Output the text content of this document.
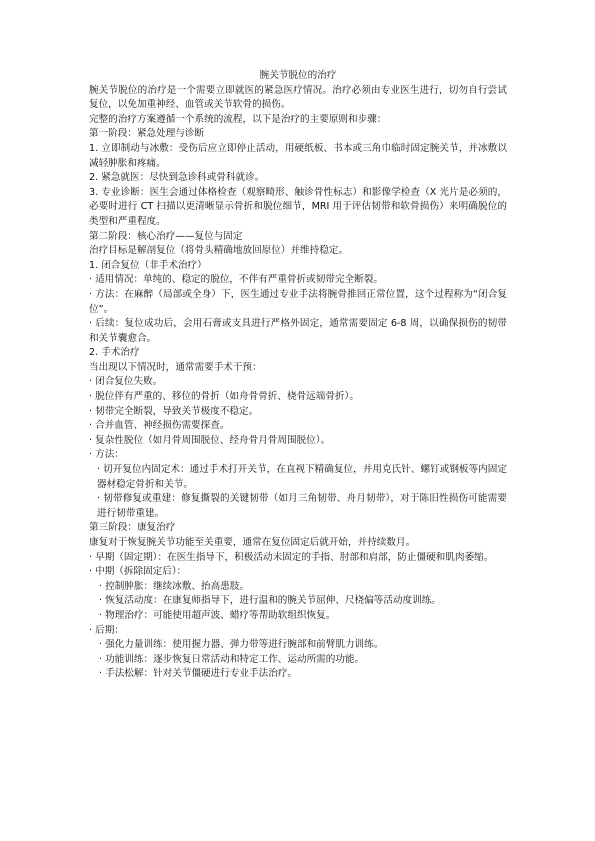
腕关节脱位的治疗

腕关节脱位的治疗是一个需要立即就医的紧急医疗情况。治疗必须由专业医生进行，切勿自行尝试复位，以免加重神经、血管或关节软骨的损伤。

完整的治疗方案遵循一个系统的流程，以下是治疗的主要原则和步骤：

第一阶段：紧急处理与诊断

1. 立即制动与冰敷：受伤后应立即停止活动，用硬纸板、书本或三角巾临时固定腕关节，并冰敷以减轻肿胀和疼痛。

2. 紧急就医：尽快到急诊科或骨科就诊。

3. 专业诊断：医生会通过体格检查（观察畸形、触诊骨性标志）和影像学检查（X 光片是必须的，必要时进行 CT 扫描以更清晰显示骨折和脱位细节，MRI 用于评估韧带和软骨损伤）来明确脱位的类型和严重程度。

第二阶段：核心治疗——复位与固定

治疗目标是解剖复位（将骨头精确地放回原位）并维持稳定。

1. 闭合复位（非手术治疗）

· 适用情况：单纯的、稳定的脱位，不伴有严重骨折或韧带完全断裂。

· 方法：在麻醉（局部或全身）下，医生通过专业手法将腕骨推回正常位置，这个过程称为“闭合复位”。

· 后续：复位成功后，会用石膏或支具进行严格外固定，通常需要固定 6-8 周，以确保损伤的韧带和关节囊愈合。

2. 手术治疗

当出现以下情况时，通常需要手术干预：

· 闭合复位失败。

· 脱位伴有严重的、移位的骨折（如舟骨骨折、桡骨远端骨折）。

· 韧带完全断裂，导致关节极度不稳定。

· 合并血管、神经损伤需要探查。

· 复杂性脱位（如月骨周围脱位、经舟骨月骨周围脱位）。

· 方法：

· 切开复位内固定术：通过手术打开关节，在直视下精确复位，并用克氏针、螺钉或钢板等内固定器材稳定骨折和关节。

· 韧带修复或重建：修复撕裂的关键韧带（如月三角韧带、舟月韧带），对于陈旧性损伤可能需要进行韧带重建。

第三阶段：康复治疗

康复对于恢复腕关节功能至关重要，通常在复位固定后就开始，并持续数月。

· 早期（固定期）：在医生指导下，积极活动未固定的手指、肘部和肩部，防止僵硬和肌肉萎缩。

· 中期（拆除固定后）：

· 控制肿胀：继续冰敷、抬高患肢。

· 恢复活动度：在康复师指导下，进行温和的腕关节屈伸、尺桡偏等活动度训练。

· 物理治疗：可能使用超声波、蜡疗等帮助软组织恢复。

· 后期：

· 强化力量训练：使用握力器、弹力带等进行腕部和前臂肌力训练。

· 功能训练：逐步恢复日常活动和特定工作、运动所需的功能。

· 手法松解：针对关节僵硬进行专业手法治疗。
